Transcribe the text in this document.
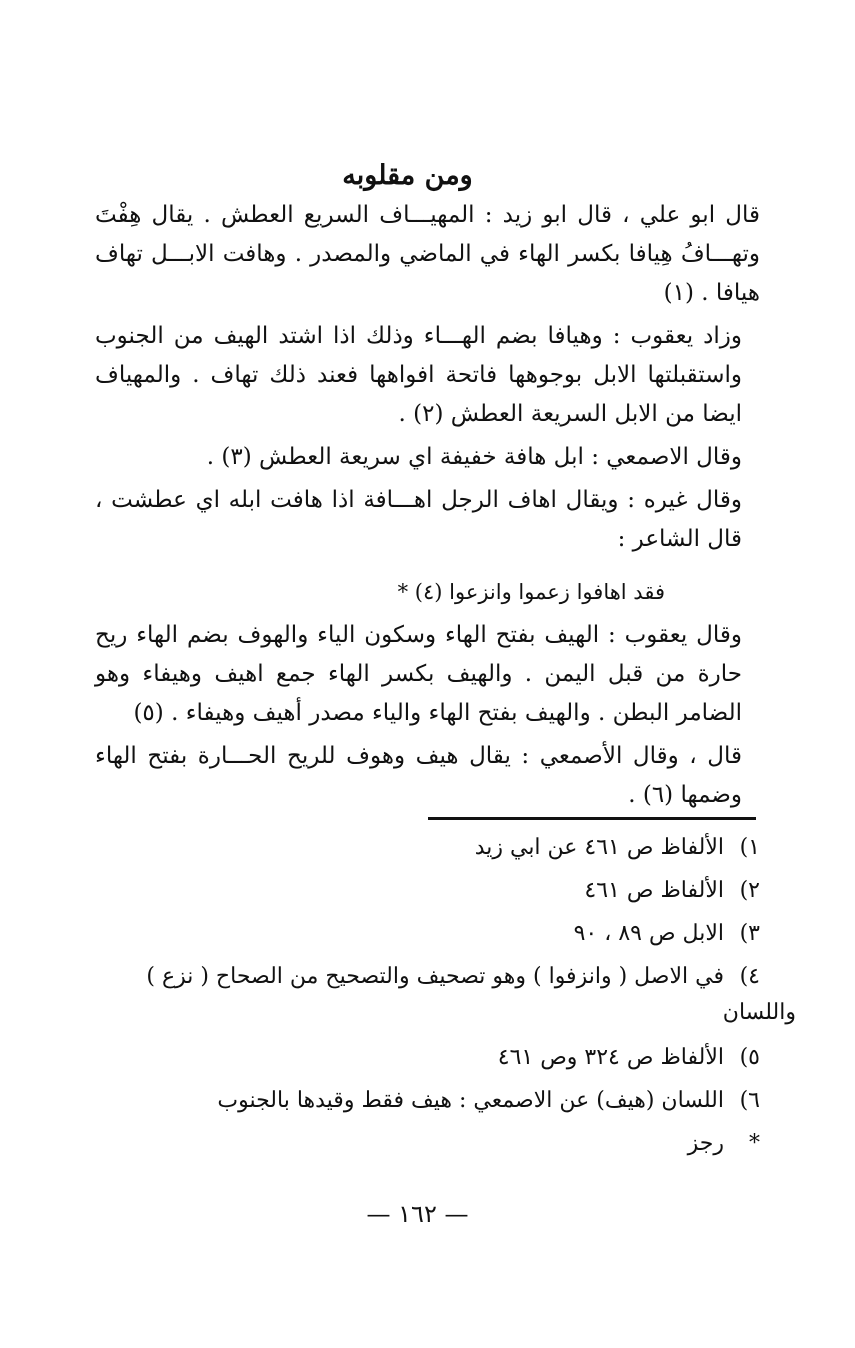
ومن مقلوبه

قال ابو علي ، قال ابو زيد : المهيـــاف السريع العطش . يقال هِفْتَ وتهـــافُ هِيافا بكسر الهاء في الماضي والمصدر . وهافت الابـــل تهاف هيافا . (١)

وزاد يعقوب : وهيافا بضم الهـــاء وذلك اذا اشتد الهيف من الجنوب واستقبلتها الابل بوجوهها فاتحة افواهها فعند ذلك تهاف . والمهياف ايضا من الابل السريعة العطش (٢) .

وقال الاصمعي : ابل هافة خفيفة اي سريعة العطش (٣) .

وقال غيره : ويقال اهاف الرجل اهـــافة اذا هافت ابله اي عطشت ، قال الشاعر :

فقد اهافوا زعموا وانزعوا (٤) *

وقال يعقوب : الهيف بفتح الهاء وسكون الياء والهوف بضم الهاء ريح حارة من قبل اليمن . والهيف بكسر الهاء جمع اهيف وهيفاء وهو الضامر البطن . والهيف بفتح الهاء والياء مصدر أهيف وهيفاء . (٥)

قال ، وقال الأصمعي : يقال هيف وهوف للريح الحـــارة بفتح الهاء وضمها (٦) .

١)
الألفاظ ص ٤٦١ عن ابي زيد
٢)
الألفاظ ص ٤٦١
٣)
الابل ص ٨٩ ، ٩٠
٤)
في الاصل ( وانزفوا ) وهو تصحيف والتصحيح من الصحاح ( نزع )

واللسان

٥)
الألفاظ ص ٣٢٤ وص ٤٦١
٦)
اللسان (هيف) عن الاصمعي : هيف فقط وقيدها بالجنوب
*
رجز
— ١٦٢ —
